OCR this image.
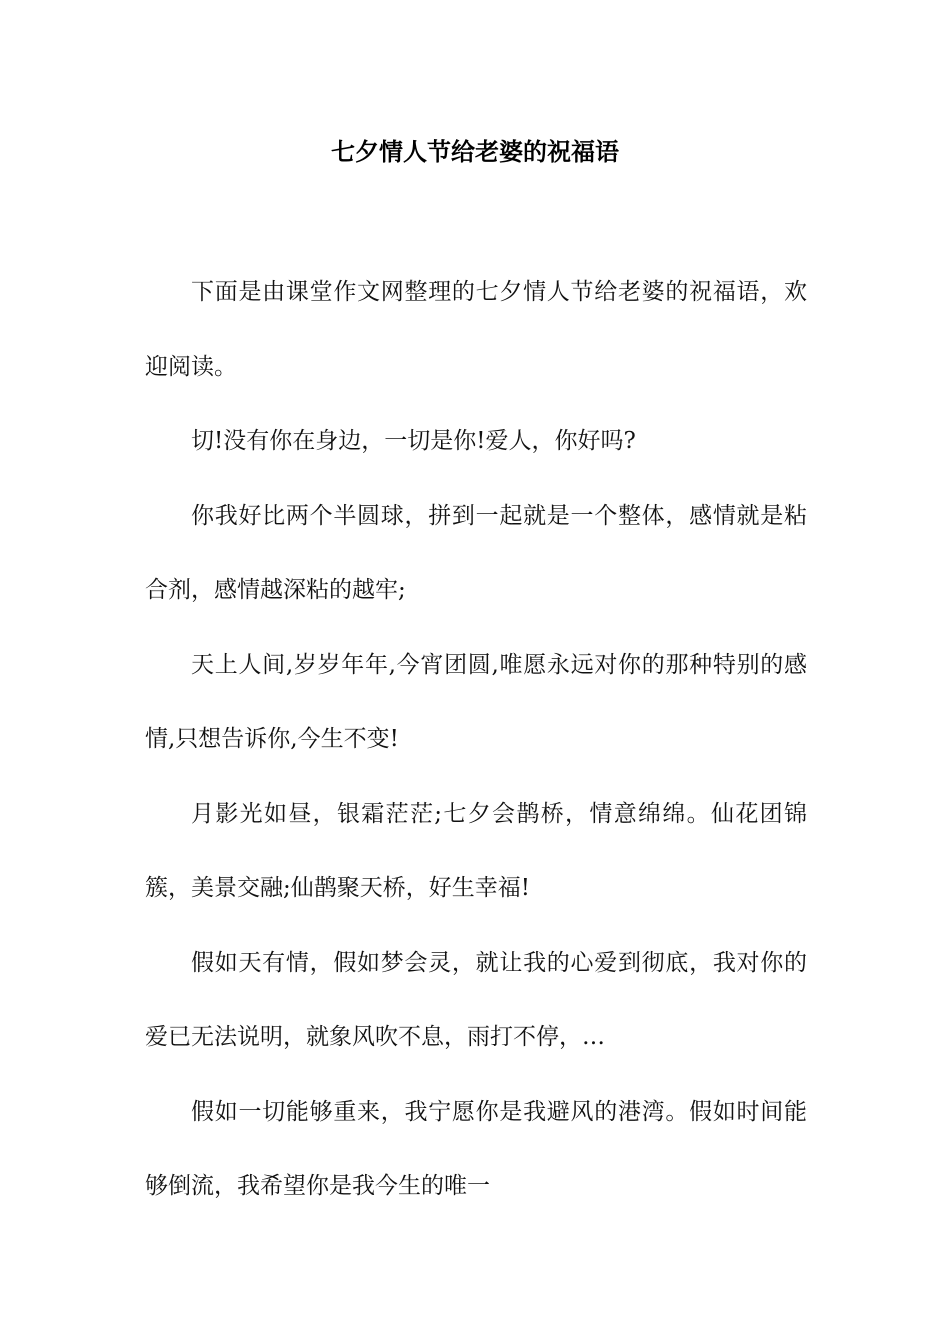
七夕情人节给老婆的祝福语

下面是由课堂作文网整理的七夕情人节给老婆的祝福语，欢迎阅读。

切!没有你在身边，一切是你!爱人，你好吗?

你我好比两个半圆球，拼到一起就是一个整体，感情就是粘合剂，感情越深粘的越牢;

天上人间,岁岁年年,今宵团圆,唯愿永远对你的那种特别的感情,只想告诉你,今生不变!

月影光如昼，银霜茫茫;七夕会鹊桥，情意绵绵。仙花团锦簇，美景交融;仙鹊聚天桥，好生幸福!

假如天有情，假如梦会灵，就让我的心爱到彻底，我对你的爱已无法说明，就象风吹不息，雨打不停，…

假如一切能够重来，我宁愿你是我避风的港湾。假如时间能够倒流，我希望你是我今生的唯一
